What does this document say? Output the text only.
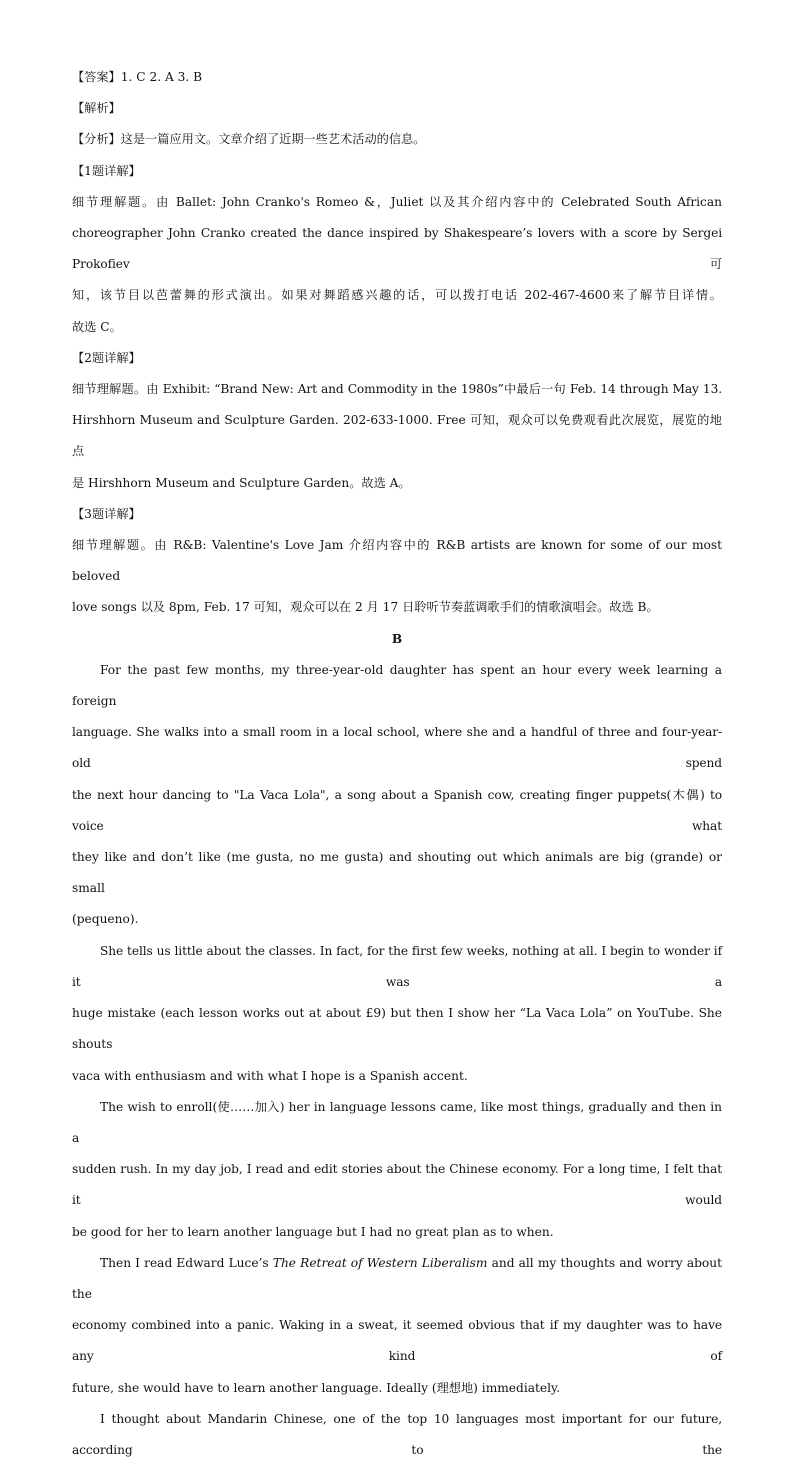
【答案】1. C 2. A 3. B

【解析】

【分析】这是一篇应用文。文章介绍了近期一些艺术活动的信息。

【1题详解】

细节理解题。由 Ballet: John Cranko's Romeo &，Juliet 以及其介绍内容中的 Celebrated South African

choreographer John Cranko created the dance inspired by Shakespeare’s lovers with a score by Sergei Prokofiev 可

知，该节目以芭蕾舞的形式演出。如果对舞蹈感兴趣的话，可以拨打电话 202-467-4600来了解节目详情。

故选 C。

【2题详解】

细节理解题。由 Exhibit: “Brand New: Art and Commodity in the 1980s”中最后一句 Feb. 14 through May 13.

Hirshhorn Museum and Sculpture Garden. 202-633-1000. Free 可知，观众可以免费观看此次展览，展览的地点

是 Hirshhorn Museum and Sculpture Garden。故选 A。

【3题详解】

细节理解题。由 R&B: Valentine's Love Jam 介绍内容中的 R&B artists are known for some of our most beloved

love songs 以及 8pm, Feb. 17 可知，观众可以在 2 月 17 日聆听节奏蓝调歌手们的情歌演唱会。故选 B。

B

For the past few months, my three-year-old daughter has spent an hour every week learning a foreign

language. She walks into a small room in a local school, where she and a handful of three and four-year-old spend

the next hour dancing to "La Vaca Lola", a song about a Spanish cow, creating finger puppets(木偶) to voice what

they like and don’t like (me gusta, no me gusta) and shouting out which animals are big (grande) or small

(pequeno).

She tells us little about the classes. In fact, for the first few weeks, nothing at all. I begin to wonder if it was a

huge mistake (each lesson works out at about £9) but then I show her “La Vaca Lola” on YouTube. She shouts

vaca with enthusiasm and with what I hope is a Spanish accent.

The wish to enroll(使……加入) her in language lessons came, like most things, gradually and then in a

sudden rush. In my day job, I read and edit stories about the Chinese economy. For a long time, I felt that it would

be good for her to learn another language but I had no great plan as to when.

Then I read Edward Luce’s The Retreat of Western Liberalism and all my thoughts and worry about the

economy combined into a panic. Waking in a sweat, it seemed obvious that if my daughter was to have any kind of

future, she would have to learn another language. Ideally (理想地) immediately.

I thought about Mandarin Chinese, one of the top 10 languages most important for our future, according to the
